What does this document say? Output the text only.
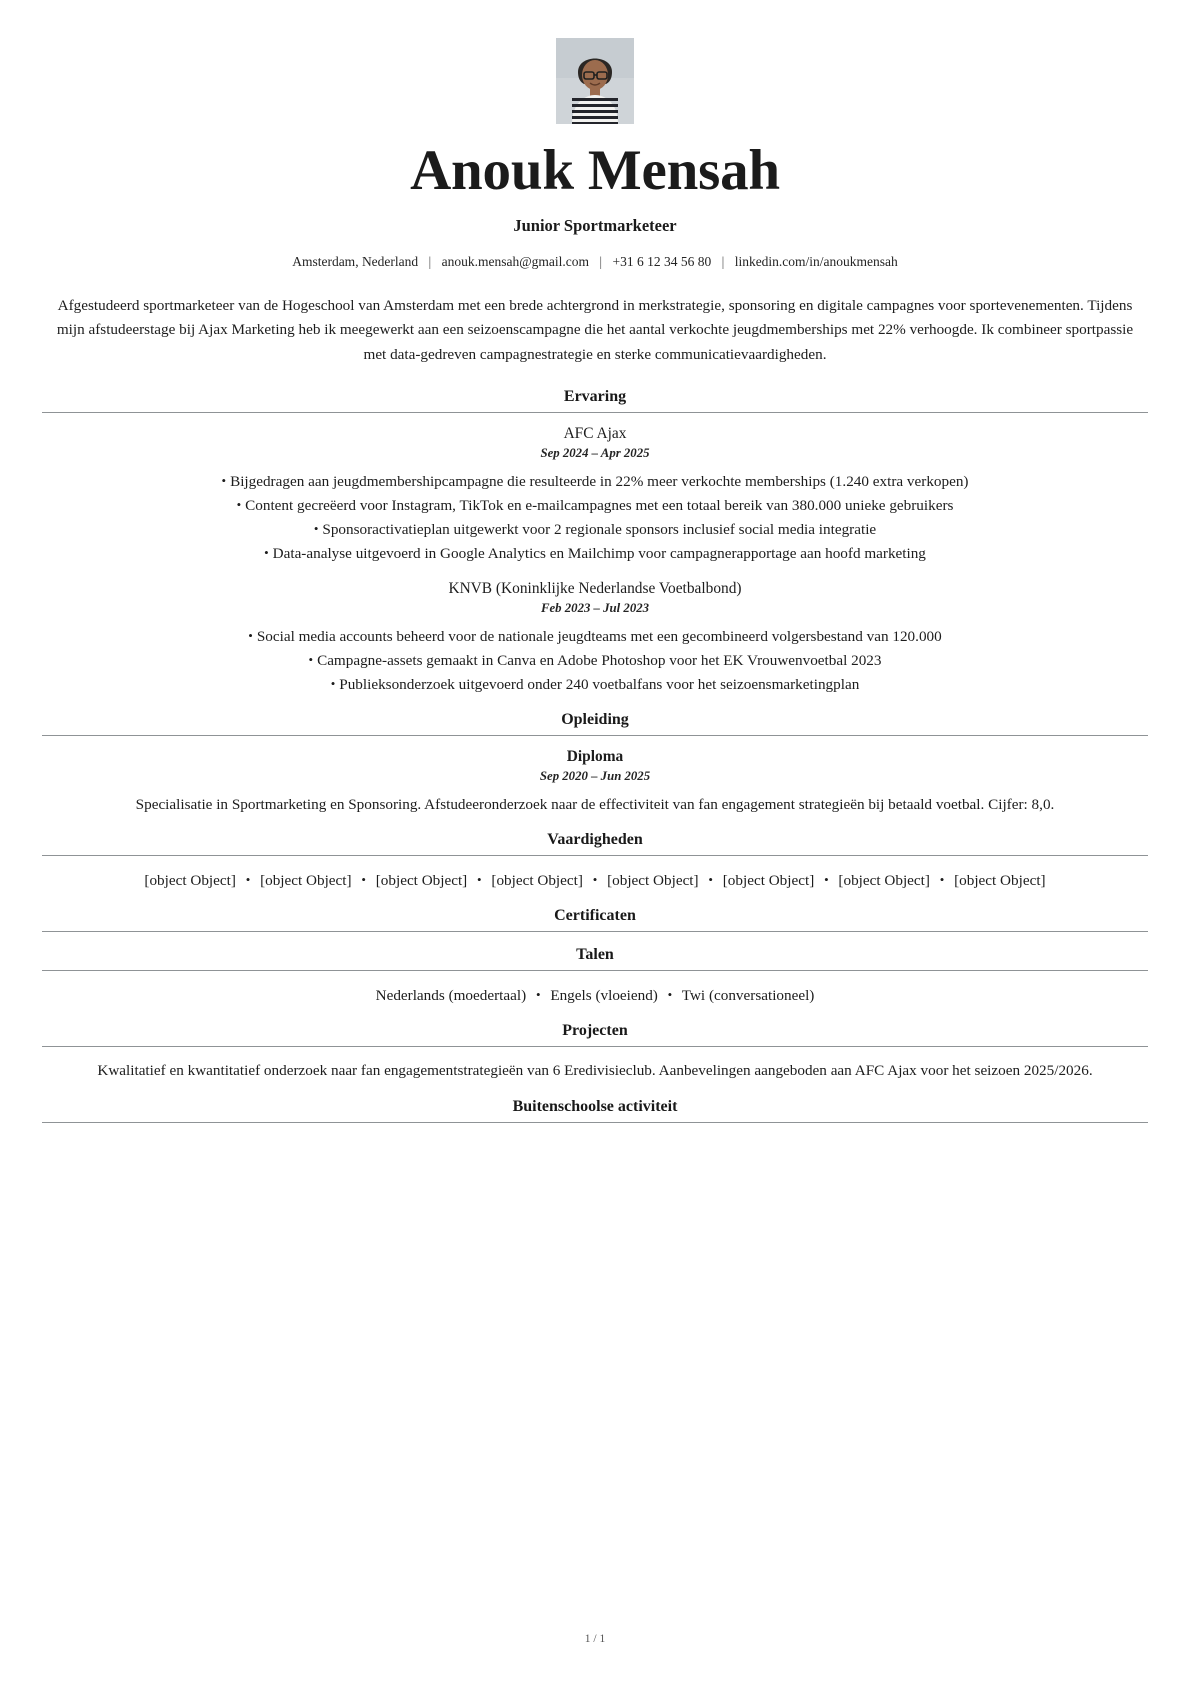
Anouk Mensah
Junior Sportmarketeer
Amsterdam, Nederland | anouk.mensah@gmail.com | +31 6 12 34 56 80 | linkedin.com/in/anoukmensah

Afgestudeerd sportmarketeer van de Hogeschool van Amsterdam met een brede achtergrond in merkstrategie, sponsoring en digitale campagnes voor sportevenementen. Tijdens mijn afstudeerstage bij Ajax Marketing heb ik meegewerkt aan een seizoenscampagne die het aantal verkochte jeugdmemberships met 22% verhoogde. Ik combineer sportpassie met data-gedreven campagnestrategie en sterke communicatievaardigheden.

Ervaring
AFC Ajax
Sep 2024 – Apr 2025
• Bijgedragen aan jeugdmembershipcampagne die resulteerde in 22% meer verkochte memberships (1.240 extra verkopen)
• Content gecreëerd voor Instagram, TikTok en e-mailcampagnes met een totaal bereik van 380.000 unieke gebruikers
• Sponsoractivatieplan uitgewerkt voor 2 regionale sponsors inclusief social media integratie
• Data-analyse uitgevoerd in Google Analytics en Mailchimp voor campagnerapportage aan hoofd marketing
KNVB (Koninklijke Nederlandse Voetbalbond)
Feb 2023 – Jul 2023
• Social media accounts beheerd voor de nationale jeugdteams met een gecombineerd volgersbestand van 120.000
• Campagne-assets gemaakt in Canva en Adobe Photoshop voor het EK Vrouwenvoetbal 2023
• Publieksonderzoek uitgevoerd onder 240 voetbalfans voor het seizoensmarketingplan
Opleiding
Diploma
Sep 2020 – Jun 2025

Specialisatie in Sportmarketing en Sponsoring. Afstudeeronderzoek naar de effectiviteit van fan engagement strategieën bij betaald voetbal. Cijfer: 8,0.

Vaardigheden

[object Object] • [object Object] • [object Object] • [object Object] • [object Object] • [object Object] • [object Object] • [object Object]

Certificaten
Talen

Nederlands (moedertaal) • Engels (vloeiend) • Twi (conversationeel)

Projecten

Kwalitatief en kwantitatief onderzoek naar fan engagementstrategieën van 6 Eredivisieclub. Aanbevelingen aangeboden aan AFC Ajax voor het seizoen 2025/2026.

Buitenschoolse activiteit
1 / 1
